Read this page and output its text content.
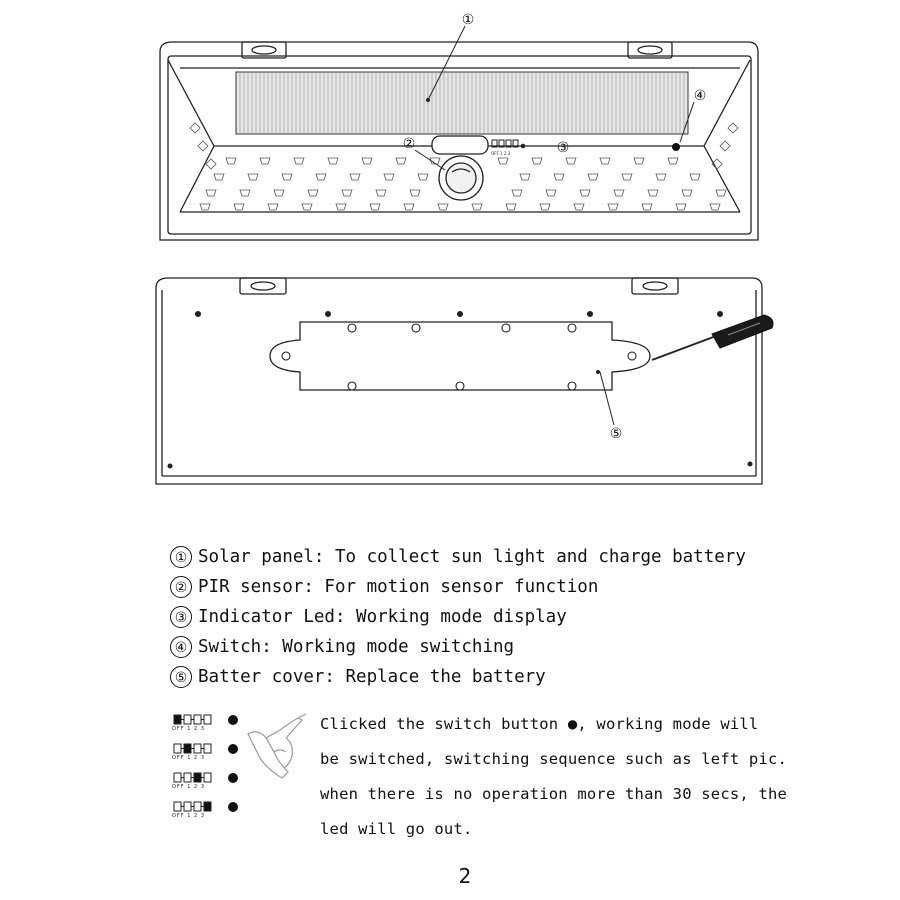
OFF 1 2 3
①
②	③
④
⑤
① Solar panel: To collect sun light and charge battery
② PIR sensor: For motion sensor function
③ Indicator Led: Working mode display
④ Switch: Working mode switching
⑤ Batter cover: Replace the battery
OFF 1 2 3
OFF 1 2 3
OFF 1 2 3
OFF 1 2 3
Clicked the switch button ●, working mode will
be switched, switching sequence such as left pic.
when there is no operation more than 30 secs, the
led will go out.
2
